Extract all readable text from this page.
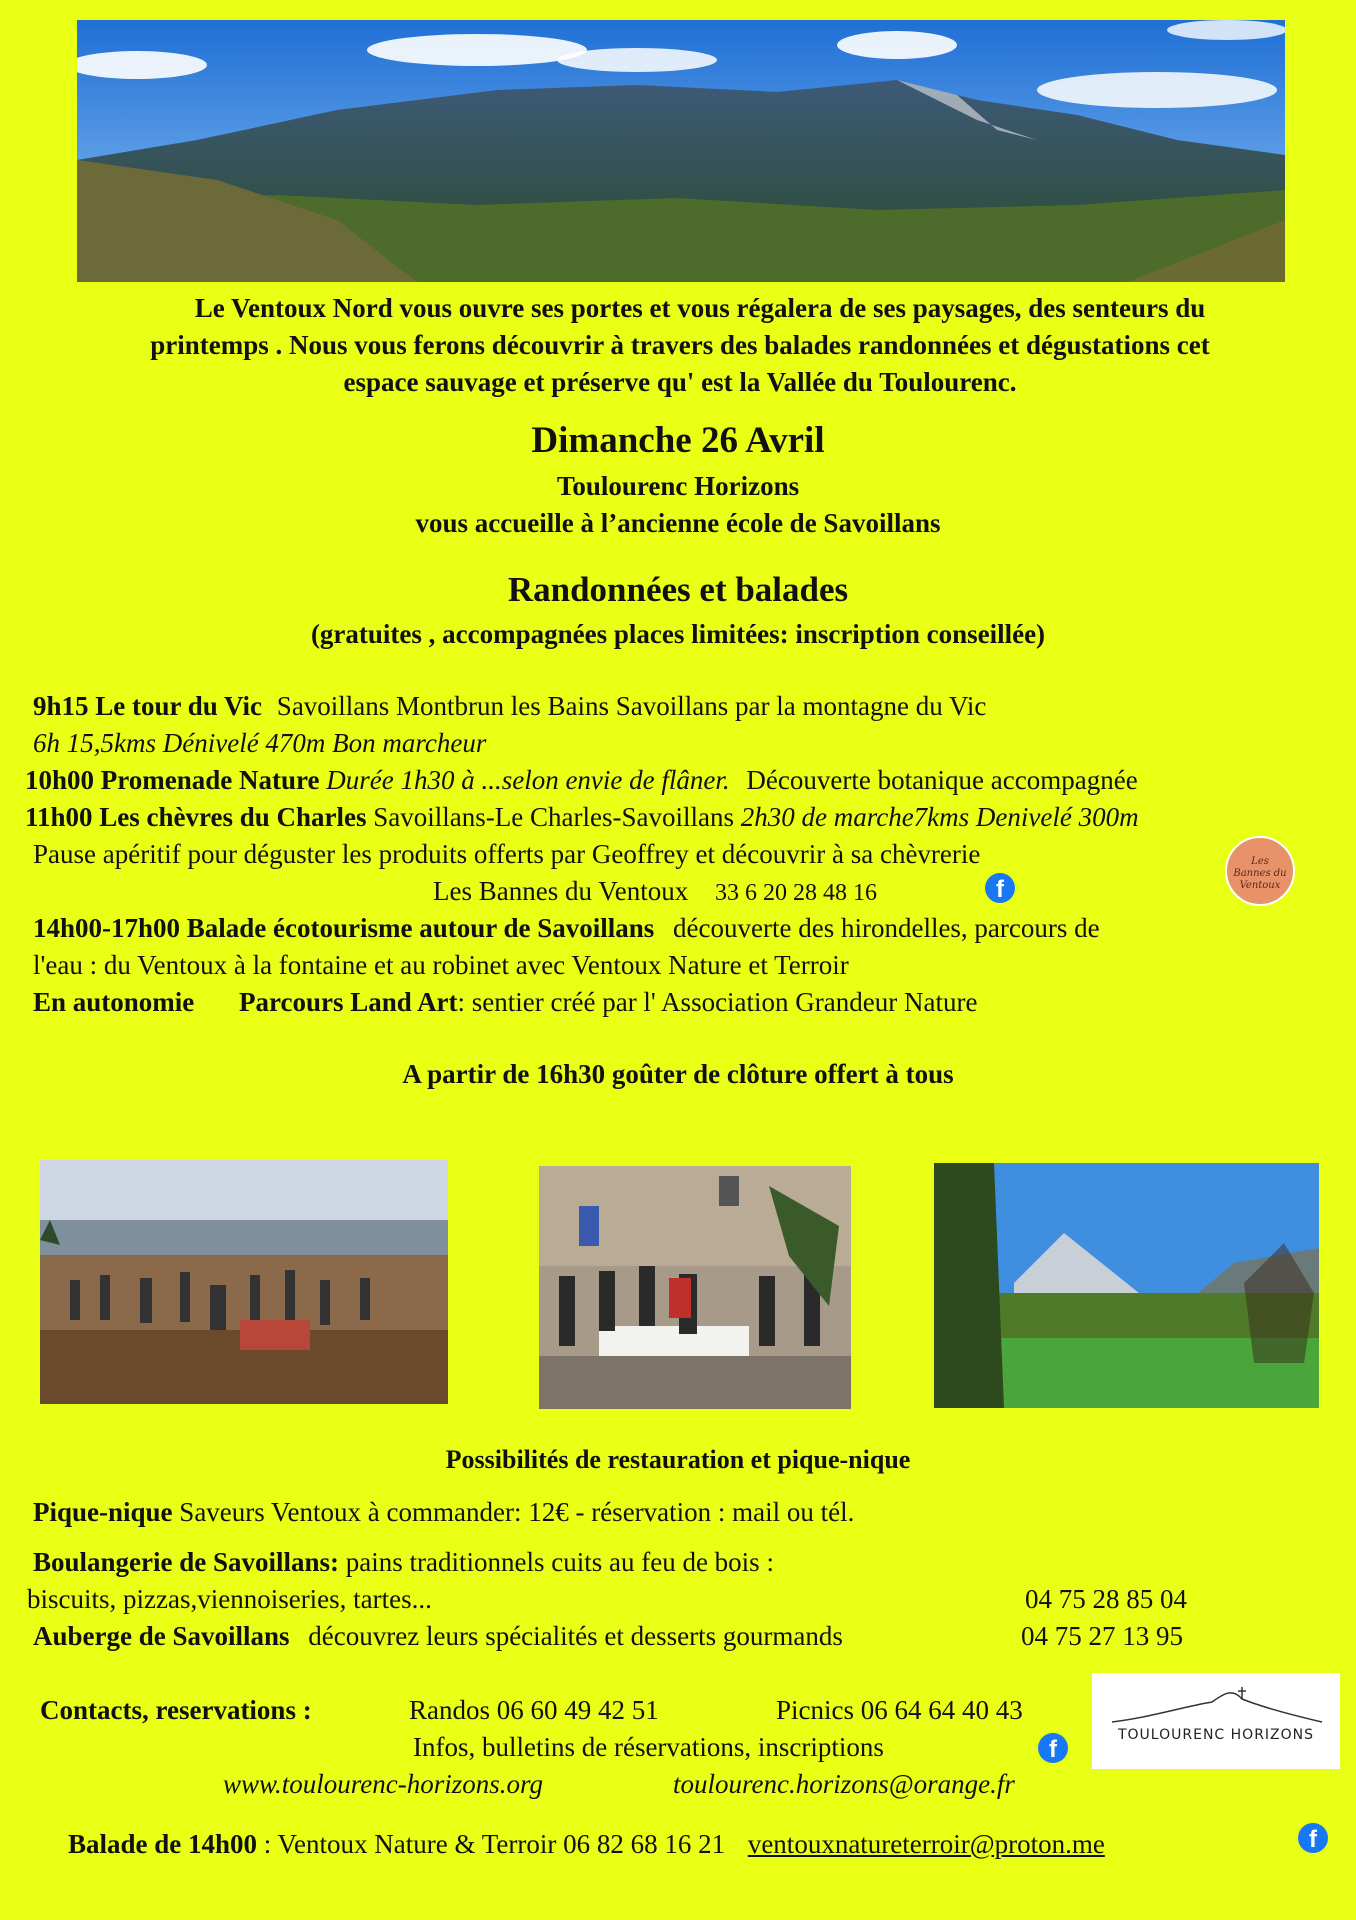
Le Ventoux Nord vous ouvre ses portes et vous régalera de ses paysages, des senteurs du
printemps . Nous vous ferons découvrir à travers des balades randonnées et dégustations cet
espace sauvage et préserve qu' est la Vallée du Toulourenc.
Dimanche 26 Avril
Toulourenc Horizons
vous accueille à l’ancienne école de Savoillans
Randonnées et balades
(gratuites , accompagnées places limitées: inscription conseillée)
9h15 Le tour du Vic Savoillans Montbrun les Bains Savoillans par la montagne du Vic
6h 15,5kms Dénivelé 470m Bon marcheur
10h00 Promenade Nature Durée 1h30 à ...selon envie de flâner. Découverte botanique accompagnée
11h00 Les chèvres du Charles Savoillans-Le Charles-Savoillans 2h30 de marche7kms Denivelé 300m
Pause apéritif pour déguster les produits offerts par Geoffrey et découvrir à sa chèvrerie
Les Bannes du Ventoux 33 6 20 28 48 16	f
Les Bannes du Ventoux
14h00-17h00 Balade écotourisme autour de Savoillans découverte des hirondelles, parcours de
l'eau : du Ventoux à la fontaine et au robinet avec Ventoux Nature et Terroir
En autonomie Parcours Land Art: sentier créé par l' Association Grandeur Nature
A partir de 16h30 goûter de clôture offert à tous
Possibilités de restauration et pique-nique
Pique-nique Saveurs Ventoux à commander: 12€ - réservation : mail ou tél.
Boulangerie de Savoillans: pains traditionnels cuits au feu de bois :
biscuits, pizzas,viennoiseries, tartes...	04 75 28 85 04
Auberge de Savoillans découvrez leurs spécialités et desserts gourmands	04 75 27 13 95
Contacts, reservations :	Randos 06 60 49 42 51	Picnics 06 64 64 40 43
Infos, bulletins de réservations, inscriptions	f
www.toulourenc-horizons.org	toulourenc.horizons@orange.fr
TOULOURENC HORIZONS
Balade de 14h00 : Ventoux Nature & Terroir 06 82 68 16 21 ventouxnatureterroir@proton.me	f
